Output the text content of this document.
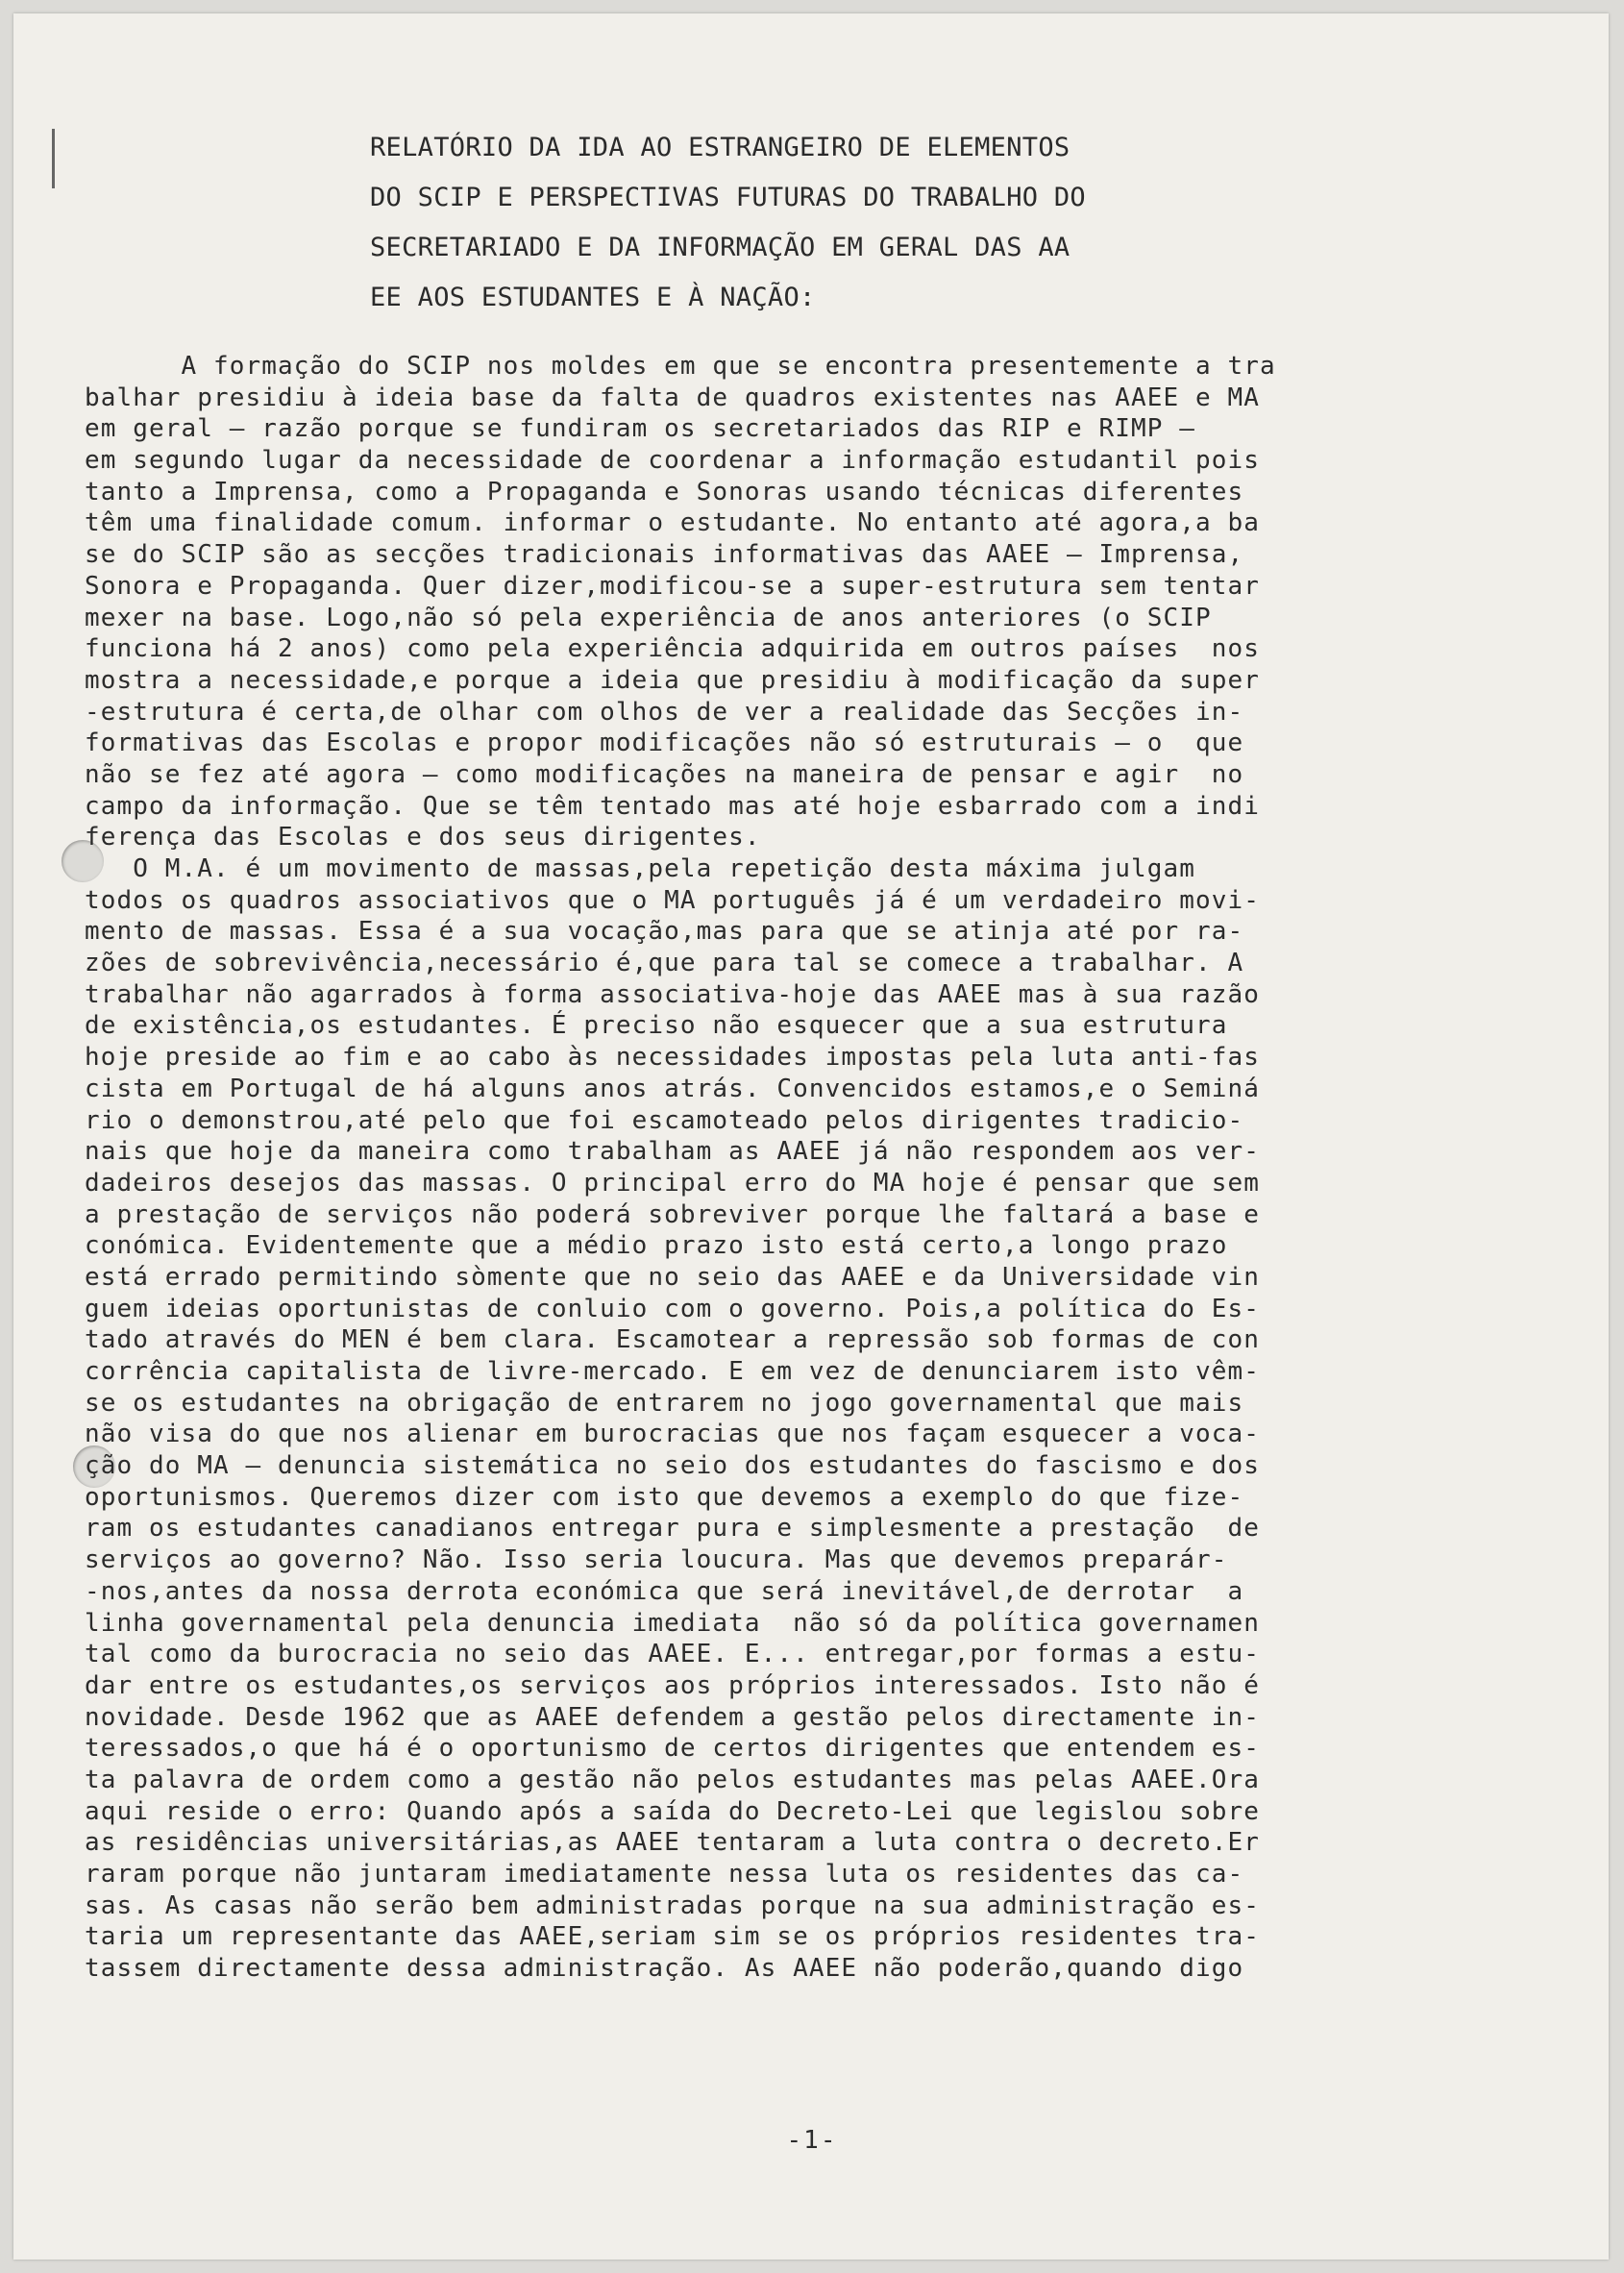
RELATÓRIO DA IDA AO ESTRANGEIRO DE ELEMENTOS
DO SCIP E PERSPECTIVAS FUTURAS DO TRABALHO DO
SECRETARIADO E DA INFORMAÇÃO EM GERAL DAS AA
EE AOS ESTUDANTES E À NAÇÃO:
A formação do SCIP nos moldes em que se encontra presentemente a tra
balhar presidiu à ideia base da falta de quadros existentes nas AAEE e MA
em geral — razão porque se fundiram os secretariados das RIP e RIMP —
em segundo lugar da necessidade de coordenar a informação estudantil pois
tanto a Imprensa, como a Propaganda e Sonoras usando técnicas diferentes
têm uma finalidade comum. informar o estudante. No entanto até agora,a ba
se do SCIP são as secções tradicionais informativas das AAEE — Imprensa,
Sonora e Propaganda. Quer dizer,modificou-se a super-estrutura sem tentar
mexer na base. Logo,não só pela experiência de anos anteriores (o SCIP
funciona há 2 anos) como pela experiência adquirida em outros países  nos
mostra a necessidade,e porque a ideia que presidiu à modificação da super
-estrutura é certa,de olhar com olhos de ver a realidade das Secções in-
formativas das Escolas e propor modificações não só estruturais — o  que
não se fez até agora — como modificações na maneira de pensar e agir  no
campo da informação. Que se têm tentado mas até hoje esbarrado com a indi
ferença das Escolas e dos seus dirigentes.
O M.A. é um movimento de massas,pela repetição desta máxima julgam
todos os quadros associativos que o MA português já é um verdadeiro movi-
mento de massas. Essa é a sua vocação,mas para que se atinja até por ra-
zões de sobrevivência,necessário é,que para tal se comece a trabalhar. A
trabalhar não agarrados à forma associativa-hoje das AAEE mas à sua razão
de existência,os estudantes. É preciso não esquecer que a sua estrutura
hoje preside ao fim e ao cabo às necessidades impostas pela luta anti-fas
cista em Portugal de há alguns anos atrás. Convencidos estamos,e o Seminá
rio o demonstrou,até pelo que foi escamoteado pelos dirigentes tradicio-
nais que hoje da maneira como trabalham as AAEE já não respondem aos ver-
dadeiros desejos das massas. O principal erro do MA hoje é pensar que sem
a prestação de serviços não poderá sobreviver porque lhe faltará a base e
conómica. Evidentemente que a médio prazo isto está certo,a longo prazo
está errado permitindo sòmente que no seio das AAEE e da Universidade vin
guem ideias oportunistas de conluio com o governo. Pois,a política do Es-
tado através do MEN é bem clara. Escamotear a repressão sob formas de con
corrência capitalista de livre-mercado. E em vez de denunciarem isto vêm-
se os estudantes na obrigação de entrarem no jogo governamental que mais
não visa do que nos alienar em burocracias que nos façam esquecer a voca-
ção do MA — denuncia sistemática no seio dos estudantes do fascismo e dos
oportunismos. Queremos dizer com isto que devemos a exemplo do que fize-
ram os estudantes canadianos entregar pura e simplesmente a prestação  de
serviços ao governo? Não. Isso seria loucura. Mas que devemos preparár-
-nos,antes da nossa derrota económica que será inevitável,de derrotar  a
linha governamental pela denuncia imediata  não só da política governamen
tal como da burocracia no seio das AAEE. E... entregar,por formas a estu-
dar entre os estudantes,os serviços aos próprios interessados. Isto não é
novidade. Desde 1962 que as AAEE defendem a gestão pelos directamente in-
teressados,o que há é o oportunismo de certos dirigentes que entendem es-
ta palavra de ordem como a gestão não pelos estudantes mas pelas AAEE.Ora
aqui reside o erro: Quando após a saída do Decreto-Lei que legislou sobre
as residências universitárias,as AAEE tentaram a luta contra o decreto.Er
raram porque não juntaram imediatamente nessa luta os residentes das ca-
sas. As casas não serão bem administradas porque na sua administração es-
taria um representante das AAEE,seriam sim se os próprios residentes tra-
tassem directamente dessa administração. As AAEE não poderão,quando digo
-1-
